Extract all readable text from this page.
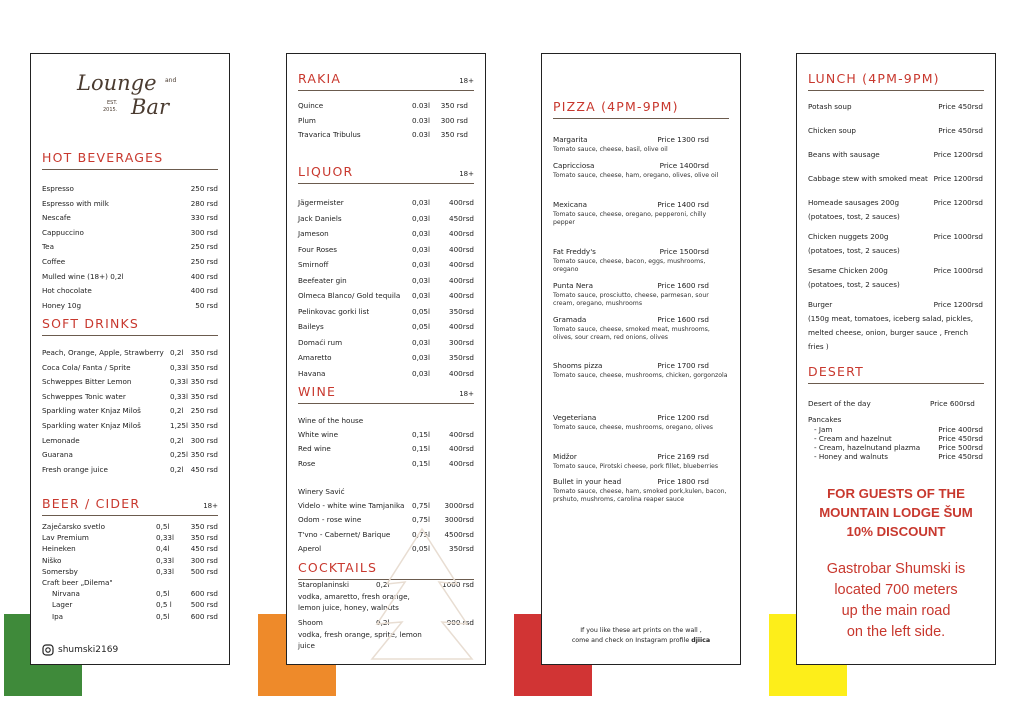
Lounge and
Bar
EST.
2015.
HOT BEVERAGES
Espresso	250 rsd
Espresso with milk	280 rsd
Nescafe	330 rsd
Cappuccino	300 rsd
Tea	250 rsd
Coffee	250 rsd
Mulled wine (18+) 0,2l	400 rsd
Hot chocolate	400 rsd
Honey 10g	50 rsd
SOFT DRINKS
Peach, Orange, Apple, Strawberry 0,2l 350 rsd
Coca Cola/ Fanta / Sprite	0,33l 350 rsd
Schweppes Bitter Lemon	0,33l 350 rsd
Schweppes Tonic water	0,33l 350 rsd
Sparkling water Knjaz Miloš	0,2l 250 rsd
Sparkling water Knjaz Miloš	1,25l 350 rsd
Lemonade	0,2l 300 rsd
Guarana	0,25l 350 rsd
Fresh orange juice	0,2l 450 rsd
BEER / CIDER	18+
Zaječarsko svetlo	0,5l	350 rsd
Lav Premium	0,33l 350 rsd
Heineken	0,4l	450 rsd
Niško	0,33l 300 rsd
Somersby	0,33l 500 rsd
Craft beer „Dilema"
Nirvana	0,5l	600 rsd
Lager	0,5 l	500 rsd
Ipa	0,5l	600 rsd
shumski2169
RAKIA	18+
Quince	0.03l 350 rsd
Plum	0.03l 300 rsd
Travarica Tribulus	0.03l 350 rsd
LIQUOR	18+
Jägermeister	0,03l	400rsd
Jack Daniels	0,03l	450rsd
Jameson	0,03l	400rsd
Four Roses	0,03l	400rsd
Smirnoff	0,03l	400rsd
Beefeater gin	0,03l	400rsd
Olmeca Blanco/ Gold tequila 0,03l	400rsd
Pelinkovac gorki list	0,05l	350rsd
Baileys	0,05l	400rsd
Domaći rum	0,03l	300rsd
Amaretto	0,03l	350rsd
Havana	0,03l	400rsd
WINE	18+
Wine of the house
White wine	0,15l	400rsd
Red wine	0,15l	400rsd
Rose	0,15l	400rsd
Winery Savić
Videlo - white wine Tamjanika 0,75l 3000rsd
Odom - rose wine	0,75l 3000rsd
T'vno - Cabernet/ Barique	0,75l 4500rsd
Aperol	0,05l	350rsd
COCKTAILS
Staroplaninski	0,2l	1000 rsd
vodka, amaretto, fresh orange, lemon juice, honey, walnuts
Shoom	0,2l	900 rsd
vodka, fresh orange, sprite, lemon juice
PIZZA (4PM-9PM)
Margarita	Price 1300 rsd
Tomato sauce, cheese, basil, olive oil
Capricciosa	Price 1400rsd
Tomato sauce, cheese, ham, oregano, olives, olive oil
Mexicana	Price 1400 rsd
Tomato sauce, cheese, oregano, pepperoni, chilly pepper
Fat Freddy's	Price 1500rsd
Tomato sauce, cheese, bacon, eggs, mushrooms, oregano
Punta Nera	Price 1600 rsd
Tomato sauce, prosciutto, cheese, parmesan, sour cream, oregano, mushrooms
Gramada	Price 1600 rsd
Tomato sauce, cheese, smoked meat, mushrooms, olives, sour cream, red onions, olives
Shooms pizza	Price 1700 rsd
Tomato sauce, cheese, mushrooms, chicken, gorgonzola
Vegeteriana	Price 1200 rsd
Tomato sauce, cheese, mushrooms, oregano, olives
Midžor	Price 2169 rsd
Tomato sauce, Pirotski cheese, pork fillet, blueberries
Bullet in your head	Price 1800 rsd
Tomato sauce, cheese, ham, smoked pork,kulen, bacon, prshuto, mushroms, carolina reaper sauce
If you like these art prints on the wall ,
come and check on Instagram profile djiica
LUNCH (4PM-9PM)
Potash soup	Price 450rsd
Chicken soup	Price 450rsd
Beans with sausage	Price 1200rsd
Cabbage stew with smoked meat Price 1200rsd
Homeade sausages 200g	Price 1200rsd
(potatoes, tost, 2 sauces)
Chicken nuggets 200g	Price 1000rsd
(potatoes, tost, 2 sauces)
Sesame Chicken 200g	Price 1000rsd
(potatoes, tost, 2 sauces)
Burger	Price 1200rsd
(150g meat, tomatoes, iceberg salad, pickles, melted cheese, onion, burger sauce , French fries )
DESERT
Desert of the day	Price 600rsd
Pancakes
- Jam	Price 400rsd
- Cream and hazelnut	Price 450rsd
- Cream, hazelnutand plazma	Price 500rsd
- Honey and walnuts	Price 450rsd
FOR GUESTS OF THE
MOUNTAIN LODGE ŠUM
10% DISCOUNT
Gastrobar Shumski is
located 700 meters
up the main road
on the left side.
